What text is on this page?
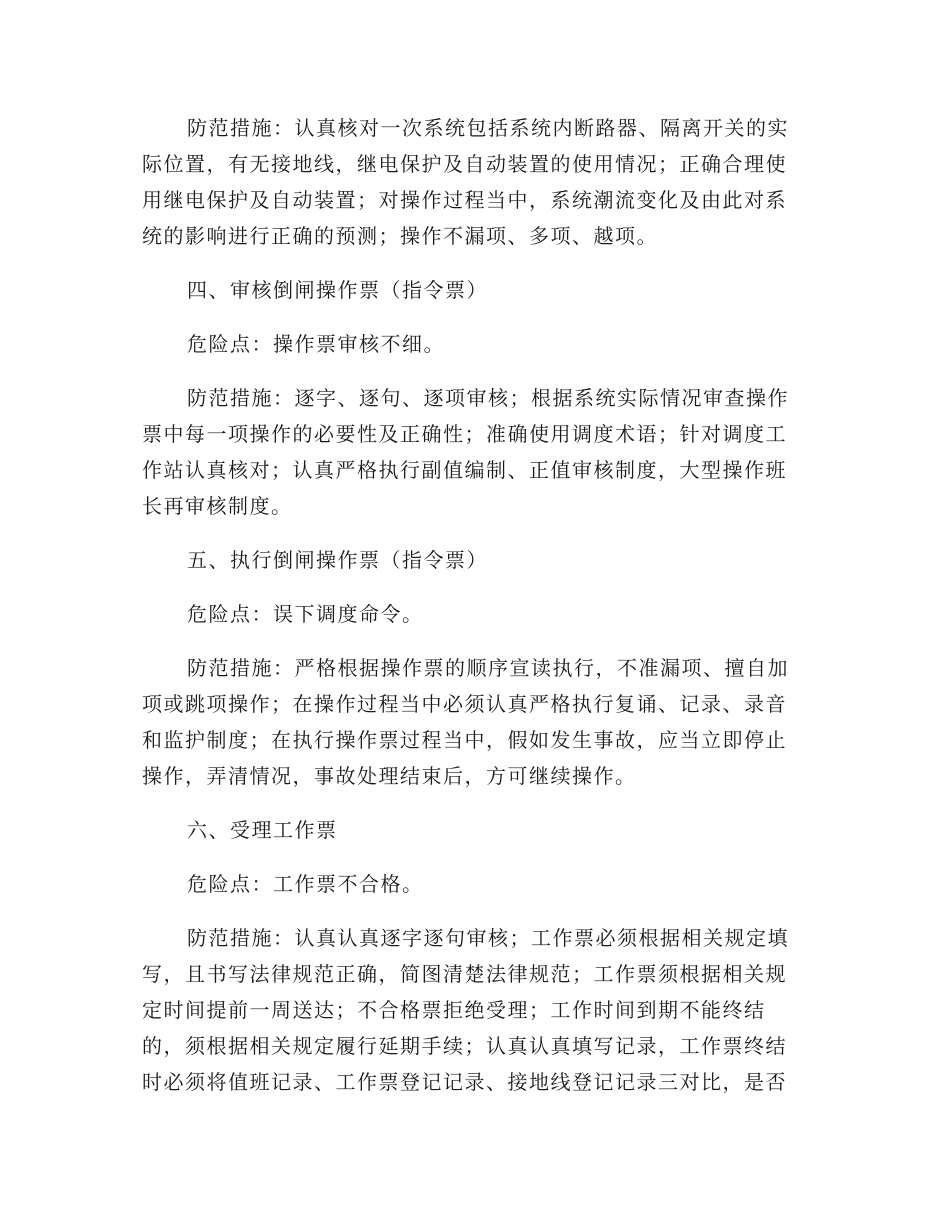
防范措施：认真核对一次系统包括系统内断路器、隔离开关的实
际位置，有无接地线，继电保护及自动装置的使用情况；正确合理使
用继电保护及自动装置；对操作过程当中，系统潮流变化及由此对系
统的影响进行正确的预测；操作不漏项、多项、越项。
四、审核倒闸操作票（指令票）
危险点：操作票审核不细。
防范措施：逐字、逐句、逐项审核；根据系统实际情况审查操作
票中每一项操作的必要性及正确性；准确使用调度术语；针对调度工
作站认真核对；认真严格执行副值编制、正值审核制度，大型操作班
长再审核制度。
五、执行倒闸操作票（指令票）
危险点：误下调度命令。
防范措施：严格根据操作票的顺序宣读执行，不准漏项、擅自加
项或跳项操作；在操作过程当中必须认真严格执行复诵、记录、录音
和监护制度；在执行操作票过程当中，假如发生事故，应当立即停止
操作，弄清情况，事故处理结束后，方可继续操作。
六、受理工作票
危险点：工作票不合格。
防范措施：认真认真逐字逐句审核；工作票必须根据相关规定填
写，且书写法律规范正确，简图清楚法律规范；工作票须根据相关规
定时间提前一周送达；不合格票拒绝受理；工作时间到期不能终结
的，须根据相关规定履行延期手续；认真认真填写记录，工作票终结
时必须将值班记录、工作票登记记录、接地线登记记录三对比，是否
